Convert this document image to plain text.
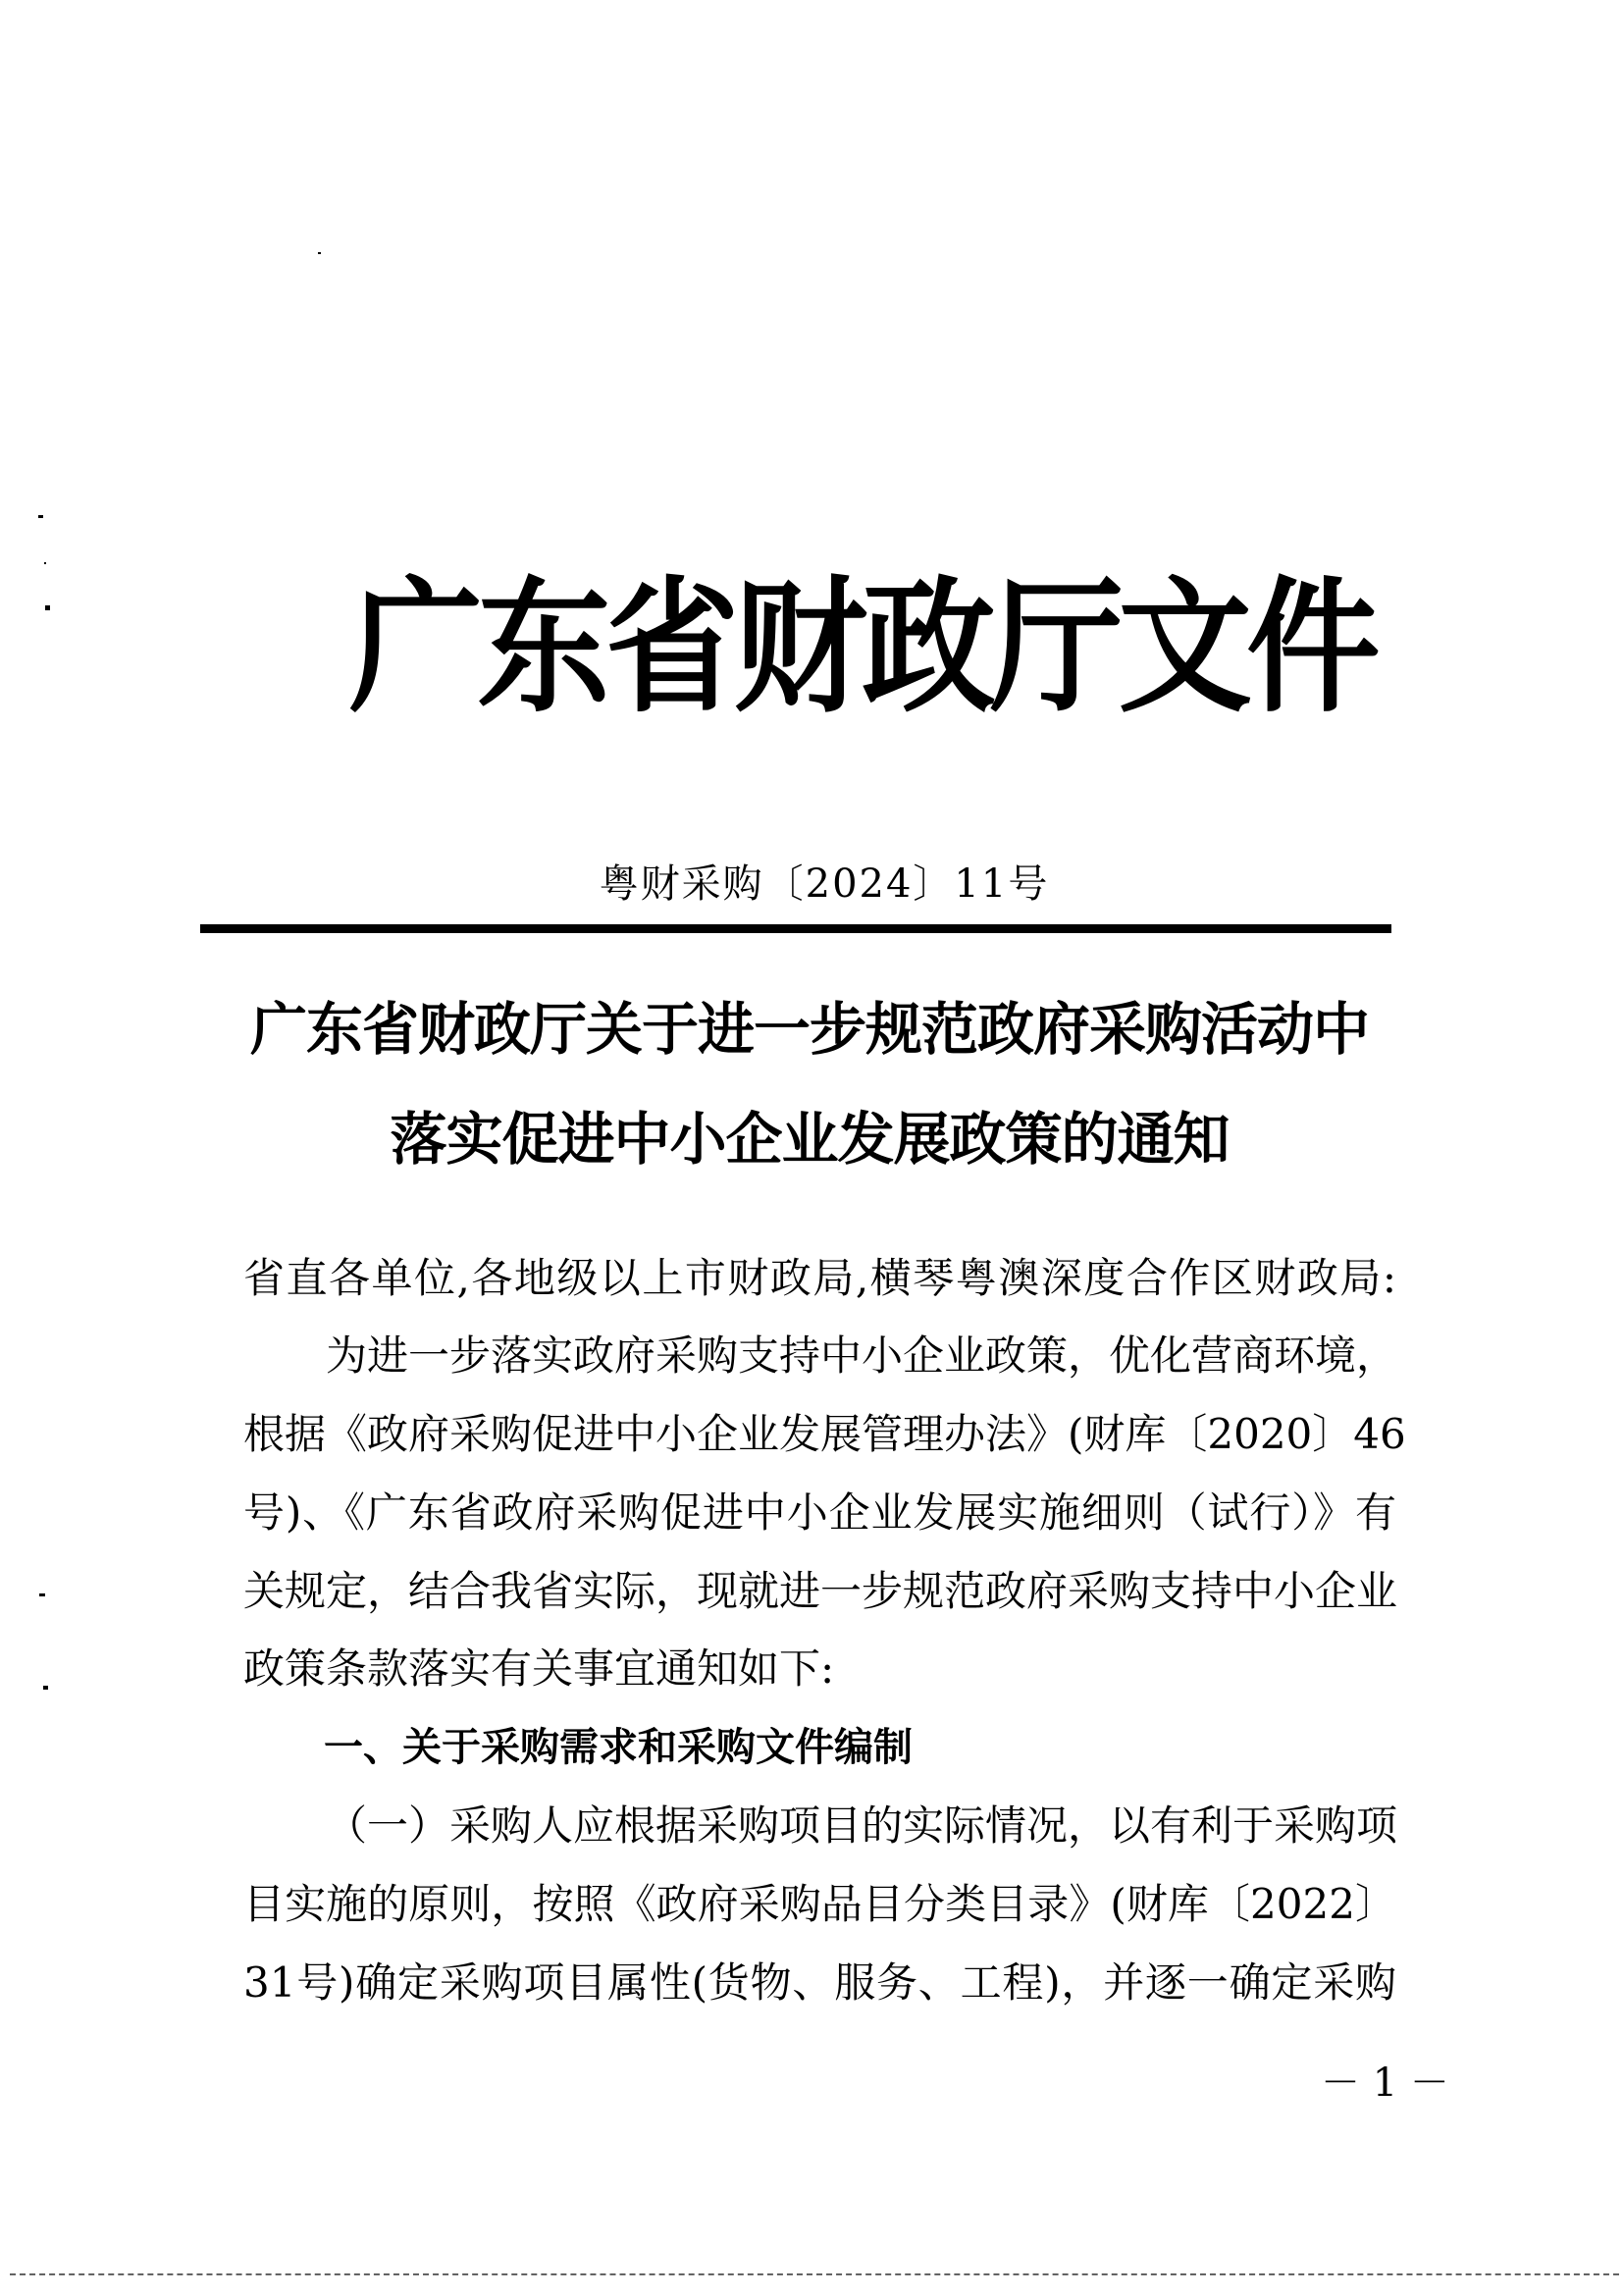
广东省财政厅文件
粤财采购〔2024〕11号
广东省财政厅关于进一步规范政府采购活动中
落实促进中小企业发展政策的通知
省直各单位,各地级以上市财政局,横琴粤澳深度合作区财政局:
为进一步落实政府采购支持中小企业政策，优化营商环境，
根据《政府采购促进中小企业发展管理办法》(财库〔2020〕46
号)、《广东省政府采购促进中小企业发展实施细则（试行）》有
关规定，结合我省实际，现就进一步规范政府采购支持中小企业
政策条款落实有关事宜通知如下:
一、关于采购需求和采购文件编制
（一）采购人应根据采购项目的实际情况，以有利于采购项
目实施的原则，按照《政府采购品目分类目录》(财库〔2022〕
31号)确定采购项目属性(货物、服务、工程)，并逐一确定采购
－ 1 －
